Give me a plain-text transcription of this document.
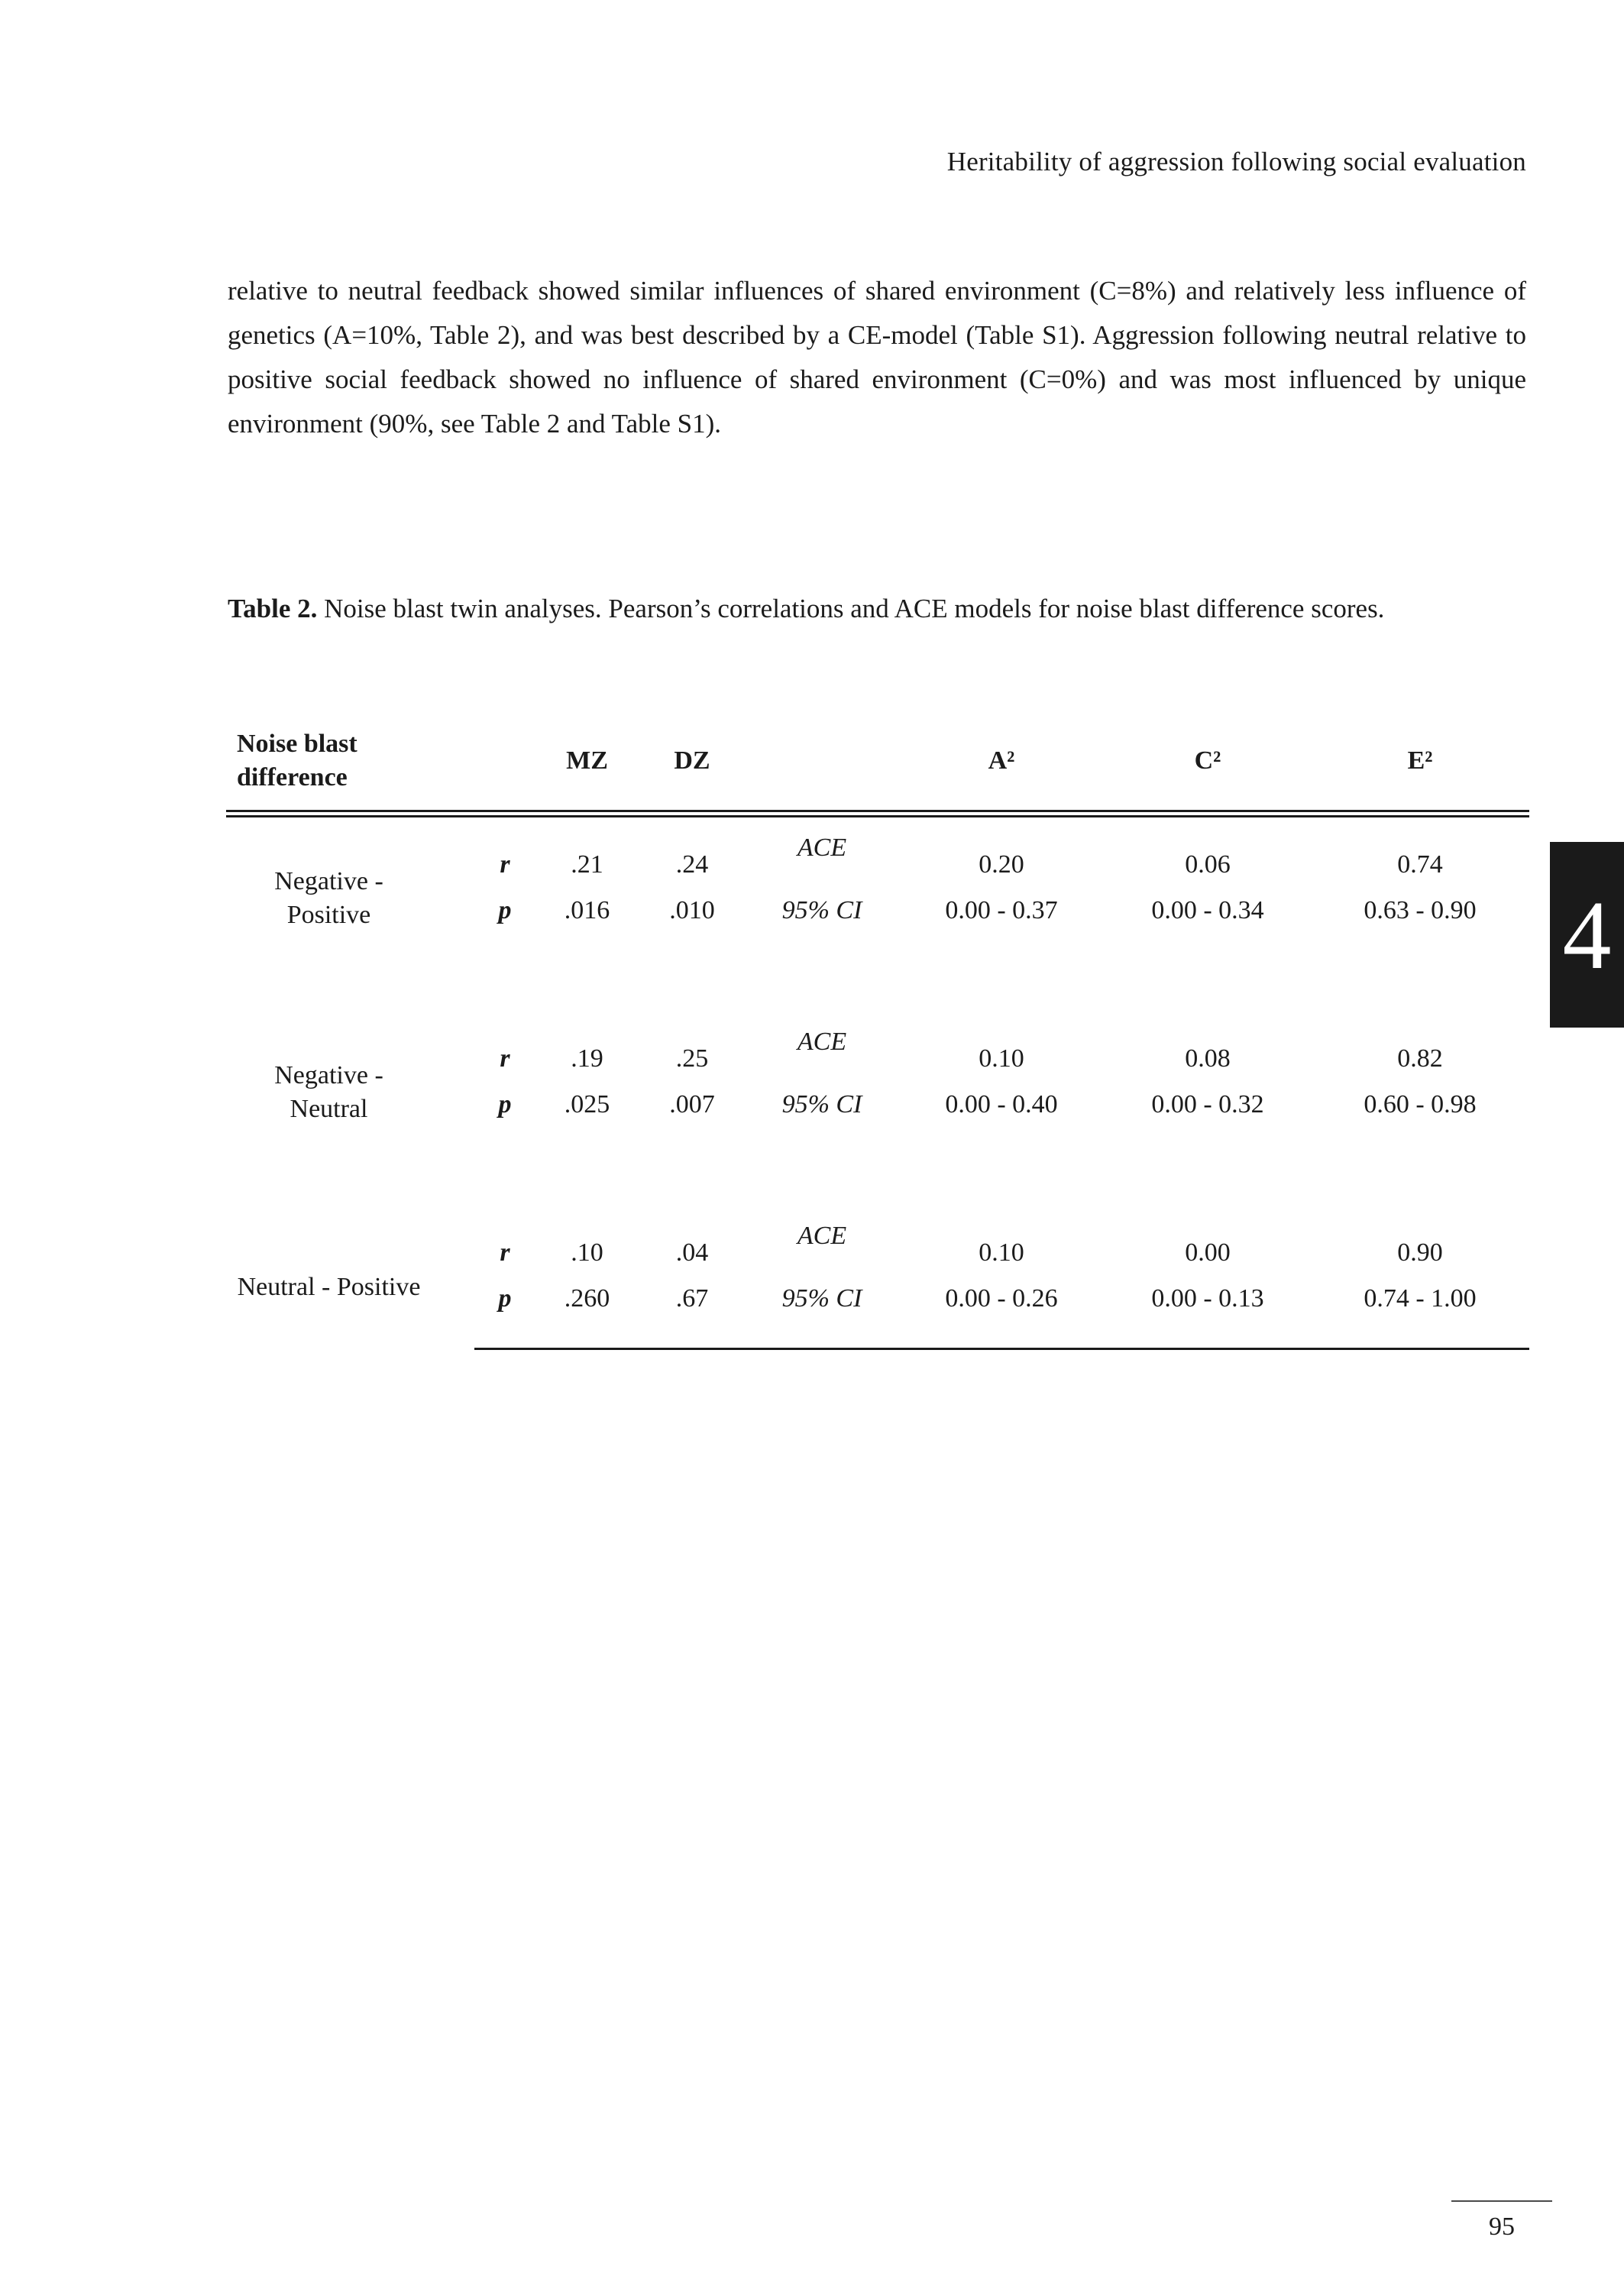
Heritability of aggression following social evaluation

relative to neutral feedback showed similar influences of shared environment (C=8%) and relatively less influence of genetics (A=10%, Table 2), and was best described by a CE-model (Table S1). Aggression following neutral relative to positive social feedback showed no influence of shared environment (C=0%) and was most influenced by unique environment (90%, see Table 2 and Table S1).

Table 2. Noise blast twin analyses. Pearson’s correlations and ACE models for noise blast difference scores.

Noise blast difference		MZ	DZ		A²	C²	E²
Negative - Positive	r	.21	.24	ACE	0.20	0.06	0.74
	p	.016	.010	95% CI	0.00 - 0.37	0.00 - 0.34	0.63 - 0.90
Negative - Neutral	r	.19	.25	ACE	0.10	0.08	0.82
	p	.025	.007	95% CI	0.00 - 0.40	0.00 - 0.32	0.60 - 0.98
Neutral - Positive	r	.10	.04	ACE	0.10	0.00	0.90
	p	.260	.67	95% CI	0.00 - 0.26	0.00 - 0.13	0.74 - 1.00
4
95
